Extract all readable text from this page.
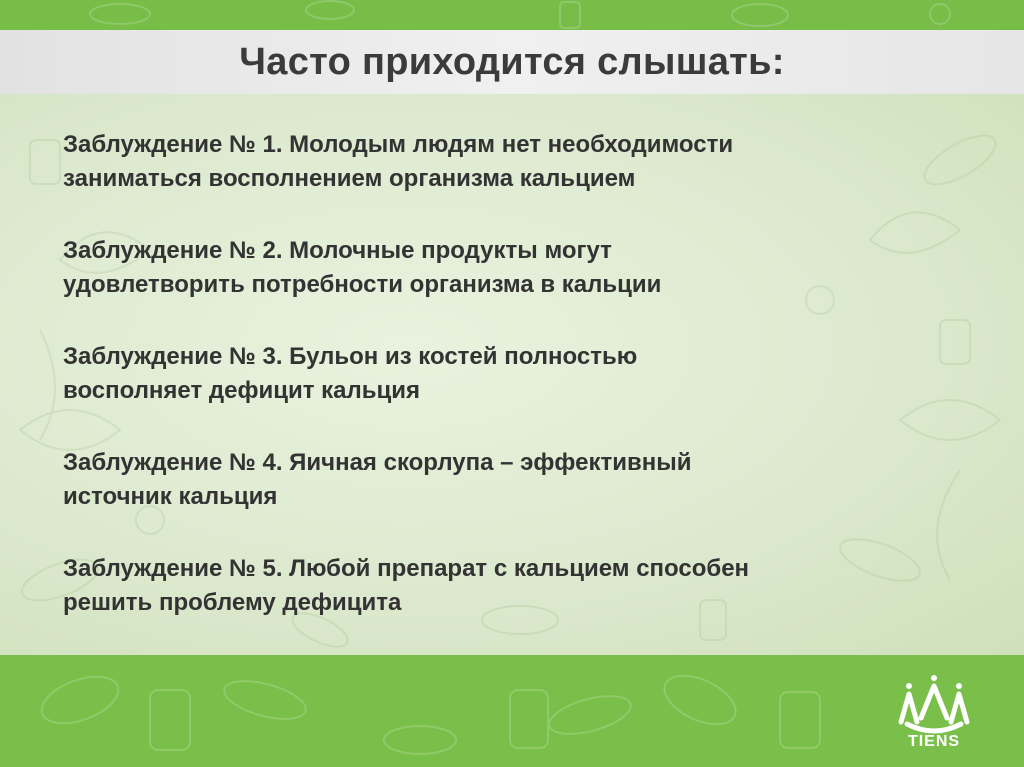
Часто приходится слышать:
Заблуждение № 1. Молодым людям нет необходимости
заниматься восполнением организма кальцием
Заблуждение № 2. Молочные продукты могут
удовлетворить потребности организма в кальции
Заблуждение № 3. Бульон из костей полностью
восполняет дефицит кальция
Заблуждение № 4. Яичная скорлупа – эффективный
источник кальция
Заблуждение № 5. Любой препарат с кальцием способен
решить проблему дефицита
TIENS
